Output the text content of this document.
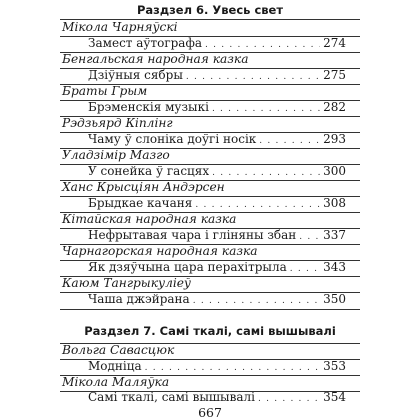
Раздзел 6. Увесь свет
Мікола Чарняўскі
Замест аўтографа . . .	274
Бенгальская народная казка
Дзіўныя сябры . . .	275
Браты Грым
Брэменскія музыкі . . .	282
Рэдзьярд Кіплінг
Чаму ў слоніка доўгі носік . . .	293
Уладзімір Мазго
У сонейка ў гасцях . . .	300
Ханс Крысціян Андэрсен
Брыдкае качаня . . .	308
Кітайская народная казка
Нефрытавая чара і гліняны збан . . . 337
Чарнагорская народная казка
Як дзяўчына цара перахітрыла . . .	343
Каюм Тангрыкуліеў
Чаша джэйрана . . .	350
Раздзел 7. Самі ткалі, самі вышывалі
Вольга Савасцюк
Модніца . . .	353
Мікола Маляўка
Самі ткалі, самі вышывалі . . .	354
667
